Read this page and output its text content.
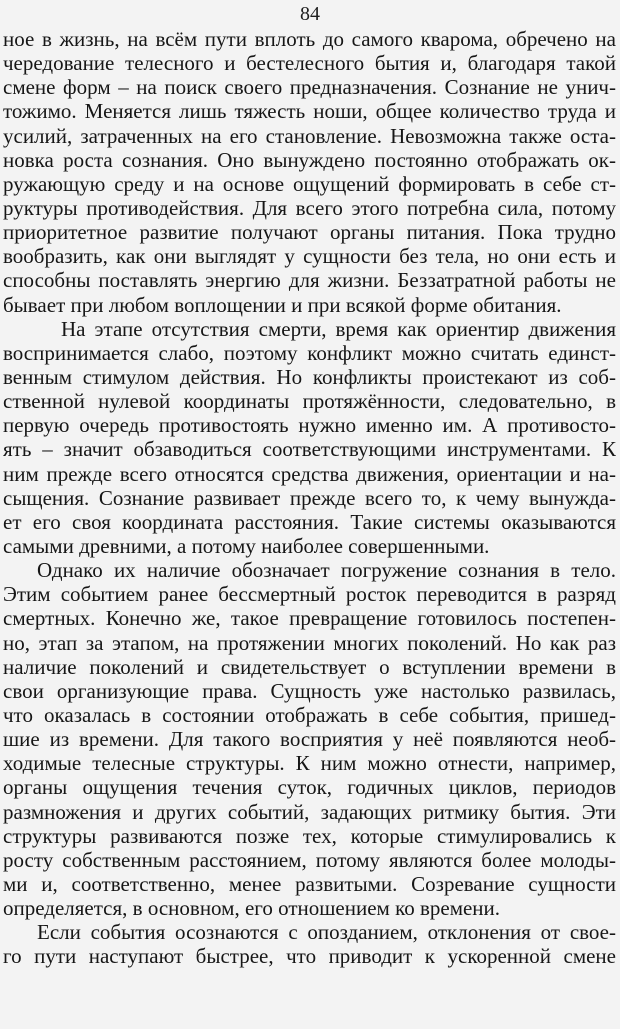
84
ное в жизнь, на всём пути вплоть до самого кварома, обречено на
чередование телесного и бестелесного бытия и, благодаря такой
смене форм – на поиск своего предназначения. Сознание не унич-
тожимо. Меняется лишь тяжесть ноши, общее количество труда и
усилий, затраченных на его становление. Невозможна также оста-
новка роста сознания. Оно вынуждено постоянно отображать ок-
ружающую среду и на основе ощущений формировать в себе ст-
руктуры противодействия. Для всего этого потребна сила, потому
приоритетное развитие получают органы питания. Пока трудно
вообразить, как они выглядят у сущности без тела, но они есть и
способны поставлять энергию для жизни. Беззатратной работы не
бывает при любом воплощении и при всякой форме обитания.
На этапе отсутствия смерти, время как ориентир движения
воспринимается слабо, поэтому конфликт можно считать единст-
венным стимулом действия. Но конфликты проистекают из соб-
ственной нулевой координаты протяжённости, следовательно, в
первую очередь противостоять нужно именно им. А противосто-
ять – значит обзаводиться соответствующими инструментами. К
ним прежде всего относятся средства движения, ориентации и на-
сыщения. Сознание развивает прежде всего то, к чему вынужда-
ет его своя координата расстояния. Такие системы оказываются
самыми древними, а потому наиболее совершенными.
Однако их наличие обозначает погружение сознания в тело.
Этим событием ранее бессмертный росток переводится в разряд
смертных. Конечно же, такое превращение готовилось постепен-
но, этап за этапом, на протяжении многих поколений. Но как раз
наличие поколений и свидетельствует о вступлении времени в
свои организующие права. Сущность уже настолько развилась,
что оказалась в состоянии отображать в себе события, пришед-
шие из времени. Для такого восприятия у неё появляются необ-
ходимые телесные структуры. К ним можно отнести, например,
органы ощущения течения суток, годичных циклов, периодов
размножения и других событий, задающих ритмику бытия. Эти
структуры развиваются позже тех, которые стимулировались к
росту собственным расстоянием, потому являются более молоды-
ми и, соответственно, менее развитыми. Созревание сущности
определяется, в основном, его отношением ко времени.
Если события осознаются с опозданием, отклонения от свое-
го пути наступают быстрее, что приводит к ускоренной смене
